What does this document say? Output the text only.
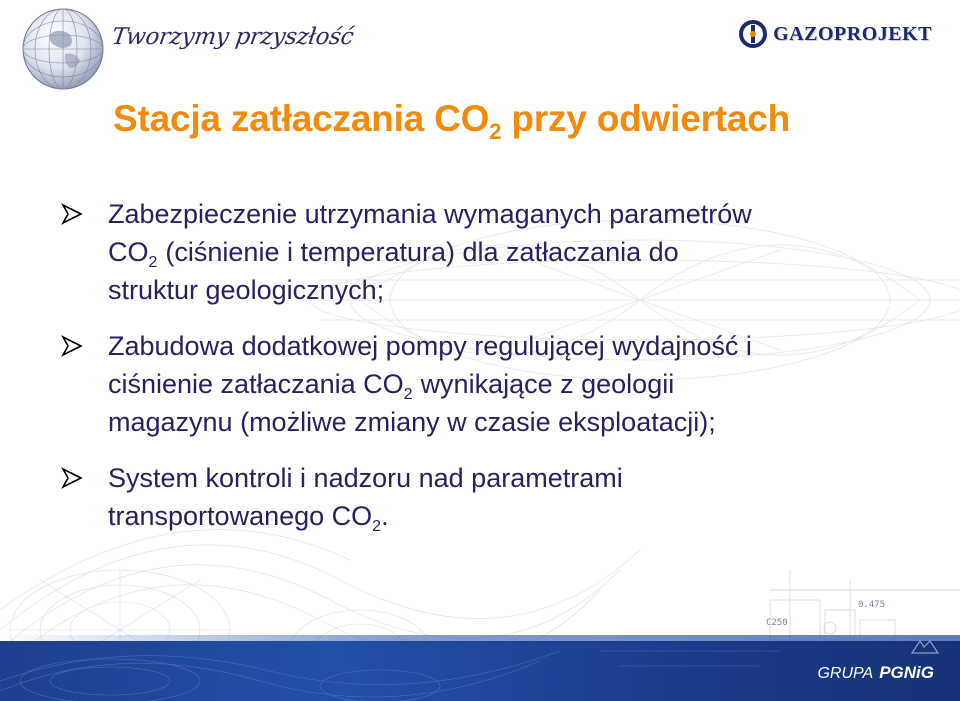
0.475
C250
Tworzymy przyszłość	GAZOPROJEKT
Stacja zatłaczania $CO_2$ przy odwiertach
Zabezpieczenie utrzymania wymaganych parametrów
$CO_2$ (ciśnienie i temperatura) dla zatłaczania do
struktur geologicznych;
Zabudowa dodatkowej pompy regulującej wydajność i
ciśnienie zatłaczania $CO_2$ wynikające z geologii
magazynu (możliwe zmiany w czasie eksploatacji);
System kontroli i nadzoru nad parametrami
transportowanego $CO_2$.
GRUPA PGNiG
